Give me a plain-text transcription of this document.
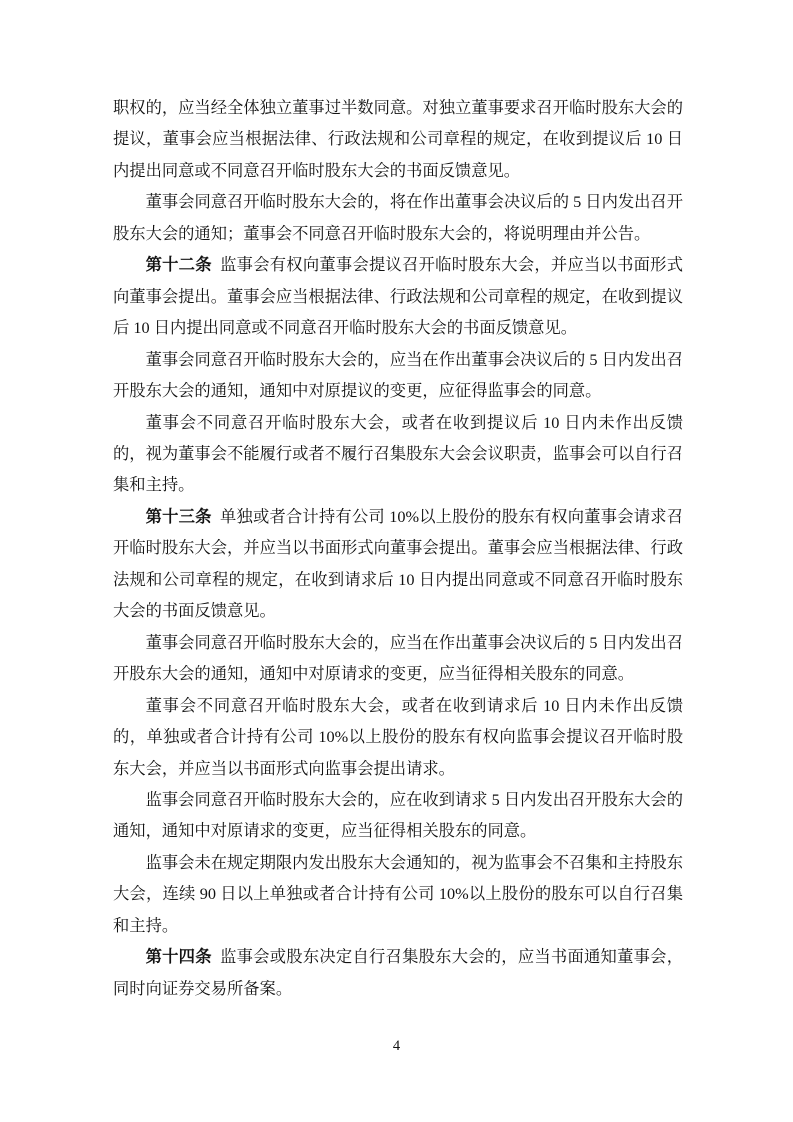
职权的，应当经全体独立董事过半数同意。对独立董事要求召开临时股东大会的提议，董事会应当根据法律、行政法规和公司章程的规定，在收到提议后 10 日内提出同意或不同意召开临时股东大会的书面反馈意见。

董事会同意召开临时股东大会的，将在作出董事会决议后的 5 日内发出召开股东大会的通知；董事会不同意召开临时股东大会的，将说明理由并公告。

第十二条 监事会有权向董事会提议召开临时股东大会，并应当以书面形式向董事会提出。董事会应当根据法律、行政法规和公司章程的规定，在收到提议后 10 日内提出同意或不同意召开临时股东大会的书面反馈意见。

董事会同意召开临时股东大会的，应当在作出董事会决议后的 5 日内发出召开股东大会的通知，通知中对原提议的变更，应征得监事会的同意。

董事会不同意召开临时股东大会，或者在收到提议后 10 日内未作出反馈的，视为董事会不能履行或者不履行召集股东大会会议职责，监事会可以自行召集和主持。

第十三条 单独或者合计持有公司 10%以上股份的股东有权向董事会请求召开临时股东大会，并应当以书面形式向董事会提出。董事会应当根据法律、行政法规和公司章程的规定，在收到请求后 10 日内提出同意或不同意召开临时股东大会的书面反馈意见。

董事会同意召开临时股东大会的，应当在作出董事会决议后的 5 日内发出召开股东大会的通知，通知中对原请求的变更，应当征得相关股东的同意。

董事会不同意召开临时股东大会，或者在收到请求后 10 日内未作出反馈的，单独或者合计持有公司 10%以上股份的股东有权向监事会提议召开临时股东大会，并应当以书面形式向监事会提出请求。

监事会同意召开临时股东大会的，应在收到请求 5 日内发出召开股东大会的通知，通知中对原请求的变更，应当征得相关股东的同意。

监事会未在规定期限内发出股东大会通知的，视为监事会不召集和主持股东大会，连续 90 日以上单独或者合计持有公司 10%以上股份的股东可以自行召集和主持。

第十四条 监事会或股东决定自行召集股东大会的，应当书面通知董事会，同时向证券交易所备案。

4
